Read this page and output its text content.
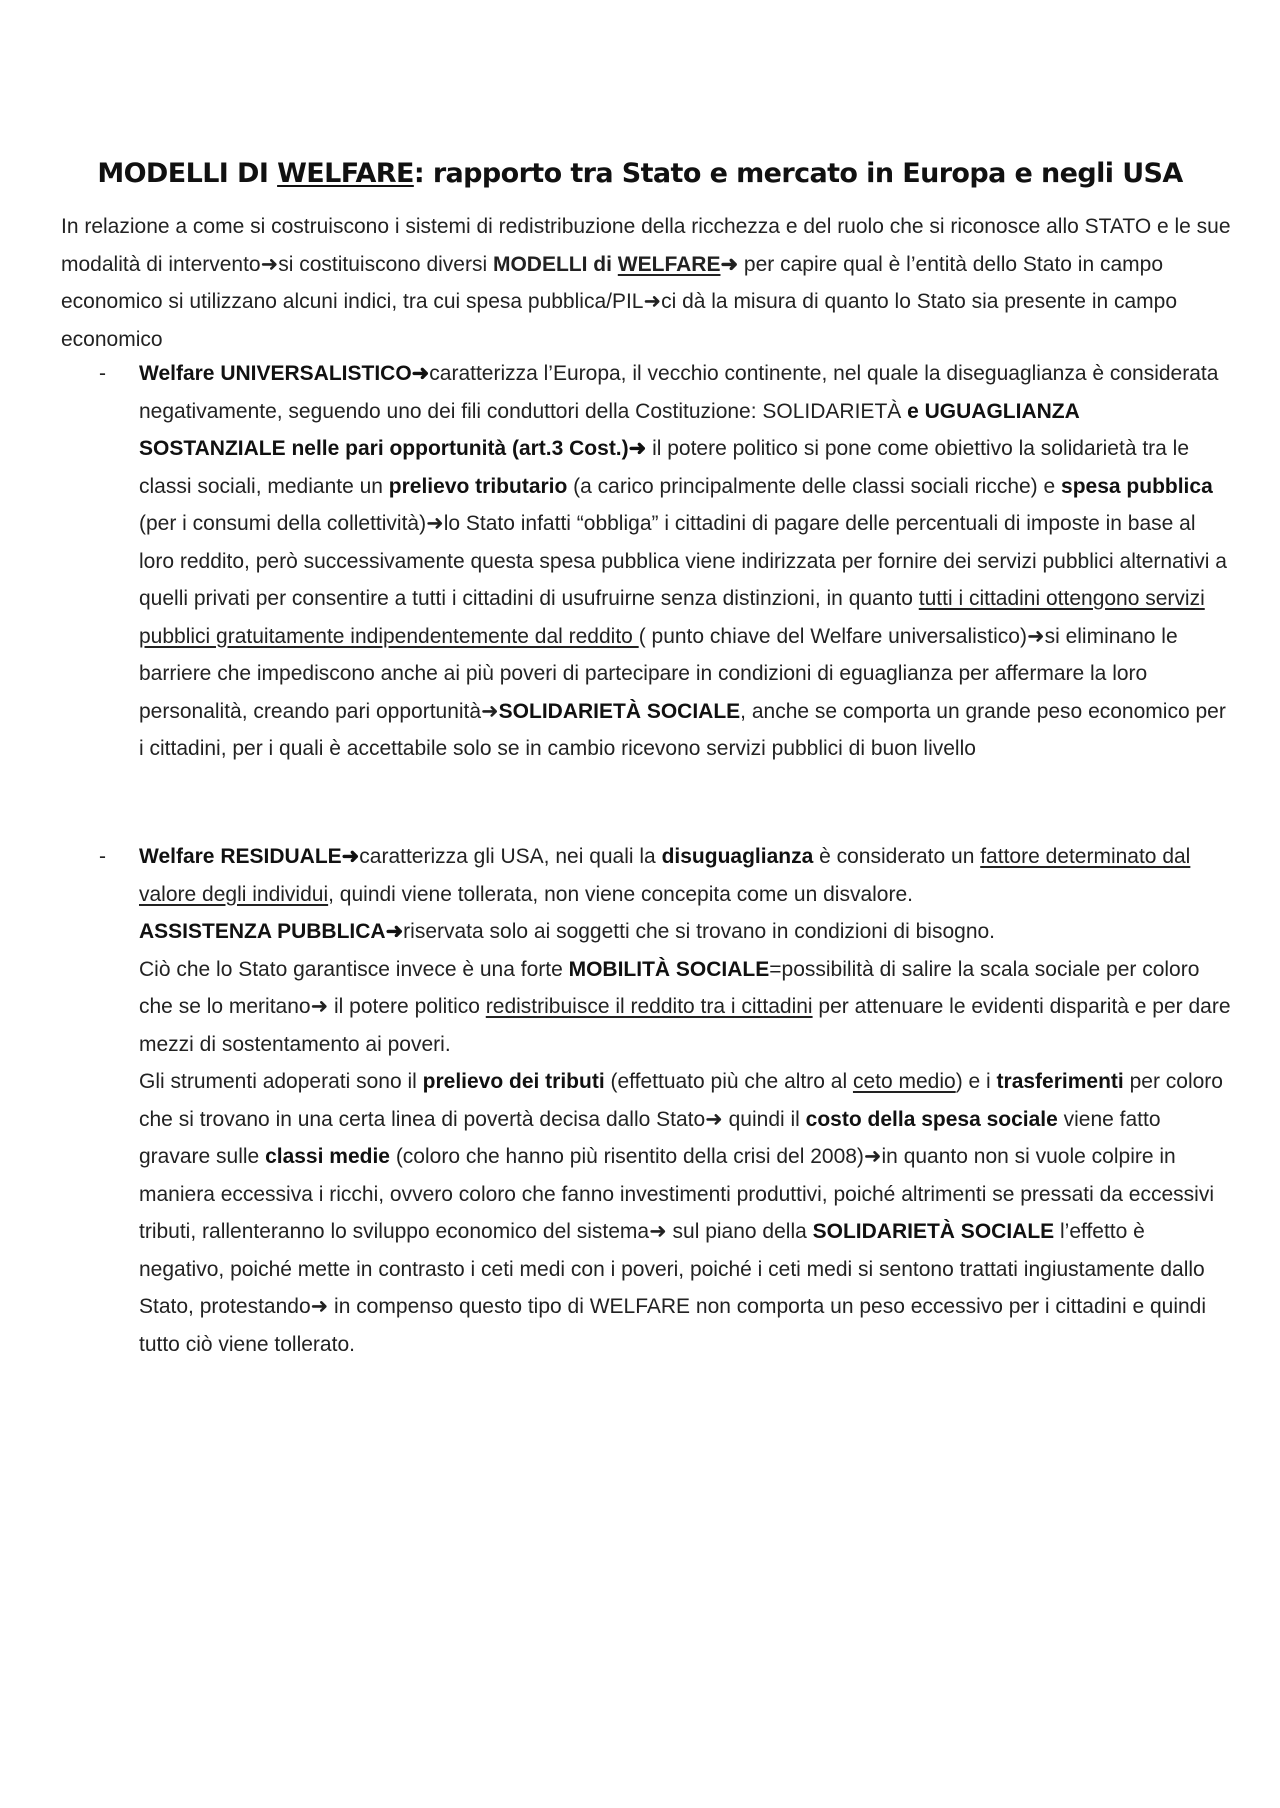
MODELLI DI WELFARE: rapporto tra Stato e mercato in Europa e negli USA
In relazione a come si costruiscono i sistemi di redistribuzione della ricchezza e del ruolo che si riconosce allo STATO e le sue modalità di intervento➜si costituiscono diversi MODELLI di WELFARE➜ per capire qual è l’entità dello Stato in campo economico si utilizzano alcuni indici, tra cui spesa pubblica/PIL➜ci dà la misura di quanto lo Stato sia presente in campo economico
- Welfare UNIVERSALISTICO➜caratterizza l’Europa, il vecchio continente, nel quale la diseguaglianza è considerata negativamente, seguendo uno dei fili conduttori della Costituzione: SOLIDARIETÀ e UGUAGLIANZA SOSTANZIALE nelle pari opportunità (art.3 Cost.)➜ il potere politico si pone come obiettivo la solidarietà tra le classi sociali, mediante un prelievo tributario (a carico principalmente delle classi sociali ricche) e spesa pubblica (per i consumi della collettività)➜lo Stato infatti “obbliga” i cittadini di pagare delle percentuali di imposte in base al loro reddito, però successivamente questa spesa pubblica viene indirizzata per fornire dei servizi pubblici alternativi a quelli privati per consentire a tutti i cittadini di usufruirne senza distinzioni, in quanto tutti i cittadini ottengono servizi pubblici gratuitamente indipendentemente dal reddito ( punto chiave del Welfare universalistico)➜si eliminano le barriere che impediscono anche ai più poveri di partecipare in condizioni di eguaglianza per affermare la loro personalità, creando pari opportunità➜SOLIDARIETÀ SOCIALE, anche se comporta un grande peso economico per i cittadini, per i quali è accettabile solo se in cambio ricevono servizi pubblici di buon livello
- Welfare RESIDUALE➜caratterizza gli USA, nei quali la disuguaglianza è considerato un fattore determinato dal valore degli individui, quindi viene tollerata, non viene concepita come un disvalore.
ASSISTENZA PUBBLICA➜riservata solo ai soggetti che si trovano in condizioni di bisogno.
Ciò che lo Stato garantisce invece è una forte MOBILITÀ SOCIALE=possibilità di salire la scala sociale per coloro che se lo meritano➜ il potere politico redistribuisce il reddito tra i cittadini per attenuare le evidenti disparità e per dare mezzi di sostentamento ai poveri.
Gli strumenti adoperati sono il prelievo dei tributi (effettuato più che altro al ceto medio) e i trasferimenti per coloro che si trovano in una certa linea di povertà decisa dallo Stato➜ quindi il costo della spesa sociale viene fatto gravare sulle classi medie (coloro che hanno più risentito della crisi del 2008)➜in quanto non si vuole colpire in maniera eccessiva i ricchi, ovvero coloro che fanno investimenti produttivi, poiché altrimenti se pressati da eccessivi tributi, rallenteranno lo sviluppo economico del sistema➜ sul piano della SOLIDARIETÀ SOCIALE l’effetto è negativo, poiché mette in contrasto i ceti medi con i poveri, poiché i ceti medi si sentono trattati ingiustamente dallo Stato, protestando➜ in compenso questo tipo di WELFARE non comporta un peso eccessivo per i cittadini e quindi tutto ciò viene tollerato.
